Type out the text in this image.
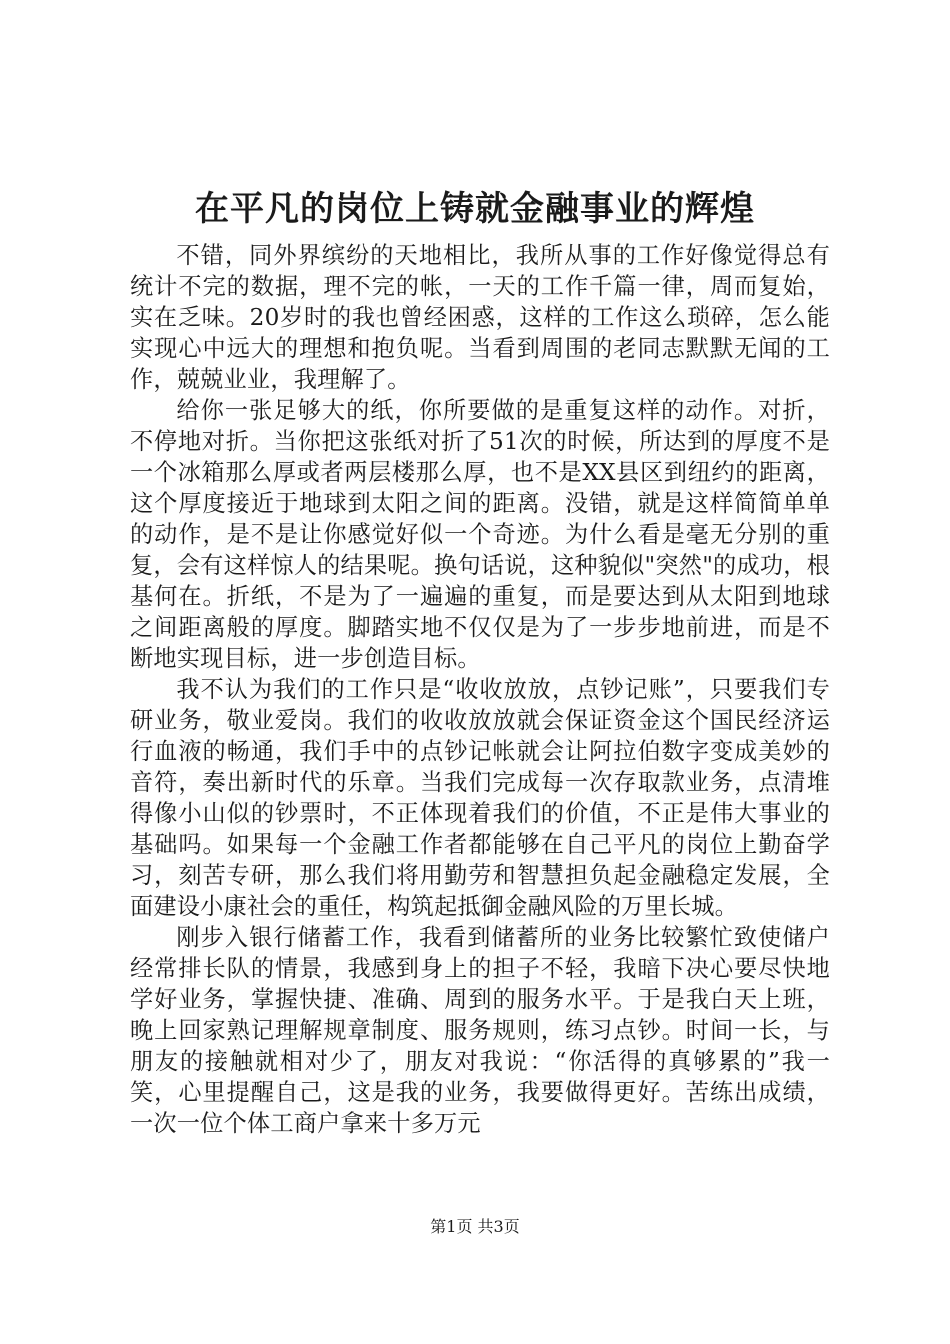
在平凡的岗位上铸就金融事业的辉煌

不错，同外界缤纷的天地相比，我所从事的工作好像觉得总有统计不完的数据，理不完的帐，一天的工作千篇一律，周而复始，实在乏味。20岁时的我也曾经困惑，这样的工作这么琐碎，怎么能实现心中远大的理想和抱负呢。当看到周围的老同志默默无闻的工作，兢兢业业，我理解了。

给你一张足够大的纸，你所要做的是重复这样的动作。对折，不停地对折。当你把这张纸对折了51次的时候，所达到的厚度不是一个冰箱那么厚或者两层楼那么厚，也不是XX县区到纽约的距离，这个厚度接近于地球到太阳之间的距离。没错，就是这样简简单单的动作，是不是让你感觉好似一个奇迹。为什么看是毫无分别的重复，会有这样惊人的结果呢。换句话说，这种貌似"突然"的成功，根基何在。折纸，不是为了一遍遍的重复，而是要达到从太阳到地球之间距离般的厚度。脚踏实地不仅仅是为了一步步地前进，而是不断地实现目标，进一步创造目标。

我不认为我们的工作只是“收收放放，点钞记账”，只要我们专研业务，敬业爱岗。我们的收收放放就会保证资金这个国民经济运行血液的畅通，我们手中的点钞记帐就会让阿拉伯数字变成美妙的音符，奏出新时代的乐章。当我们完成每一次存取款业务，点清堆得像小山似的钞票时，不正体现着我们的价值，不正是伟大事业的基础吗。如果每一个金融工作者都能够在自己平凡的岗位上勤奋学习，刻苦专研，那么我们将用勤劳和智慧担负起金融稳定发展，全面建设小康社会的重任，构筑起抵御金融风险的万里长城。

刚步入银行储蓄工作，我看到储蓄所的业务比较繁忙致使储户经常排长队的情景，我感到身上的担子不轻，我暗下决心要尽快地学好业务，掌握快捷、准确、周到的服务水平。于是我白天上班，晚上回家熟记理解规章制度、服务规则，练习点钞。时间一长，与朋友的接触就相对少了，朋友对我说：“你活得的真够累的”我一笑，心里提醒自己，这是我的业务，我要做得更好。苦练出成绩，一次一位个体工商户拿来十多万元

第1页 共3页
